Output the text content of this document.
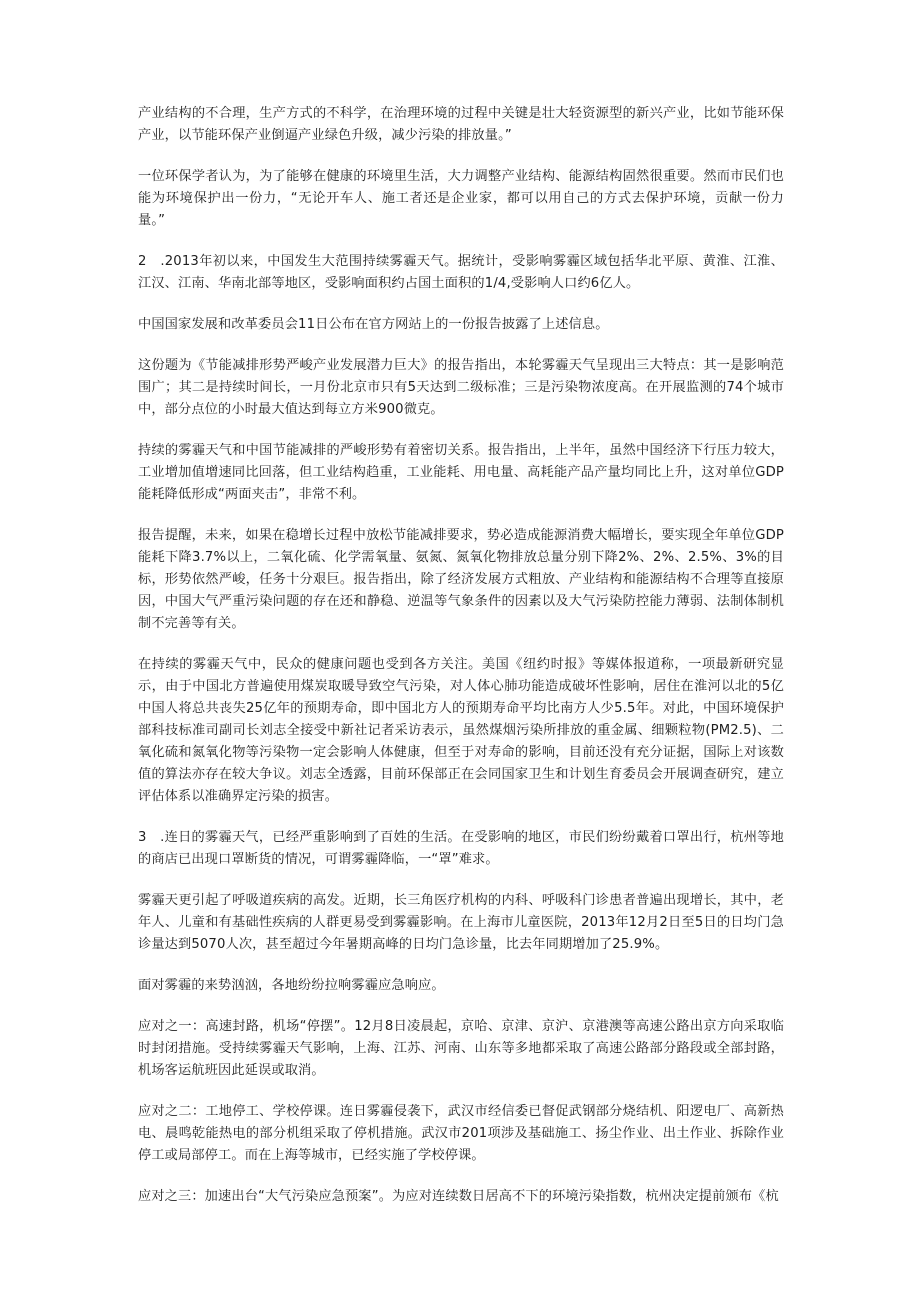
产业结构的不合理，生产方式的不科学，在治理环境的过程中关键是壮大轻资源型的新兴产业，比如节能环保产业，以节能环保产业倒逼产业绿色升级，减少污染的排放量。”

一位环保学者认为，为了能够在健康的环境里生活，大力调整产业结构、能源结构固然很重要。然而市民们也能为环境保护出一份力，“无论开车人、施工者还是企业家，都可以用自己的方式去保护环境，贡献一份力量。”

2　.2013年初以来，中国发生大范围持续雾霾天气。据统计，受影响雾霾区域包括华北平原、黄淮、江淮、江汉、江南、华南北部等地区，受影响面积约占国土面积的1/4,受影响人口约6亿人。

中国国家发展和改革委员会11日公布在官方网站上的一份报告披露了上述信息。

这份题为《节能减排形势严峻产业发展潜力巨大》的报告指出，本轮雾霾天气呈现出三大特点：其一是影响范围广；其二是持续时间长，一月份北京市只有5天达到二级标准；三是污染物浓度高。在开展监测的74个城市中，部分点位的小时最大值达到每立方米900微克。

持续的雾霾天气和中国节能减排的严峻形势有着密切关系。报告指出，上半年，虽然中国经济下行压力较大，工业增加值增速同比回落，但工业结构趋重，工业能耗、用电量、高耗能产品产量均同比上升，这对单位GDP能耗降低形成“两面夹击”，非常不利。

报告提醒，未来，如果在稳增长过程中放松节能减排要求，势必造成能源消费大幅增长，要实现全年单位GDP能耗下降3.7%以上，二氧化硫、化学需氧量、氨氮、氮氧化物排放总量分别下降2%、2%、2.5%、3%的目标，形势依然严峻，任务十分艰巨。报告指出，除了经济发展方式粗放、产业结构和能源结构不合理等直接原因，中国大气严重污染问题的存在还和静稳、逆温等气象条件的因素以及大气污染防控能力薄弱、法制体制机制不完善等有关。

在持续的雾霾天气中，民众的健康问题也受到各方关注。美国《纽约时报》等媒体报道称，一项最新研究显示，由于中国北方普遍使用煤炭取暖导致空气污染，对人体心肺功能造成破坏性影响，居住在淮河以北的5亿中国人将总共丧失25亿年的预期寿命，即中国北方人的预期寿命平均比南方人少5.5年。对此，中国环境保护部科技标准司副司长刘志全接受中新社记者采访表示，虽然煤烟污染所排放的重金属、细颗粒物(PM2.5)、二氧化硫和氮氧化物等污染物一定会影响人体健康，但至于对寿命的影响，目前还没有充分证据，国际上对该数值的算法亦存在较大争议。刘志全透露，目前环保部正在会同国家卫生和计划生育委员会开展调查研究，建立评估体系以准确界定污染的损害。

3　.连日的雾霾天气，已经严重影响到了百姓的生活。在受影响的地区，市民们纷纷戴着口罩出行，杭州等地的商店已出现口罩断货的情况，可谓雾霾降临，一“罩”难求。

雾霾天更引起了呼吸道疾病的高发。近期，长三角医疗机构的内科、呼吸科门诊患者普遍出现增长，其中，老年人、儿童和有基础性疾病的人群更易受到雾霾影响。在上海市儿童医院，2013年12月2日至5日的日均门急诊量达到5070人次，甚至超过今年暑期高峰的日均门急诊量，比去年同期增加了25.9%。

面对雾霾的来势汹汹，各地纷纷拉响雾霾应急响应。

应对之一：高速封路，机场“停摆”。12月8日凌晨起，京哈、京津、京沪、京港澳等高速公路出京方向采取临时封闭措施。受持续雾霾天气影响，上海、江苏、河南、山东等多地都采取了高速公路部分路段或全部封路，机场客运航班因此延误或取消。

应对之二：工地停工、学校停课。连日雾霾侵袭下，武汉市经信委已督促武钢部分烧结机、阳逻电厂、高新热电、晨鸣乾能热电的部分机组采取了停机措施。武汉市201项涉及基础施工、扬尘作业、出土作业、拆除作业停工或局部停工。而在上海等城市，已经实施了学校停课。

应对之三：加速出台“大气污染应急预案”。为应对连续数日居高不下的环境污染指数，杭州决定提前颁布《杭
